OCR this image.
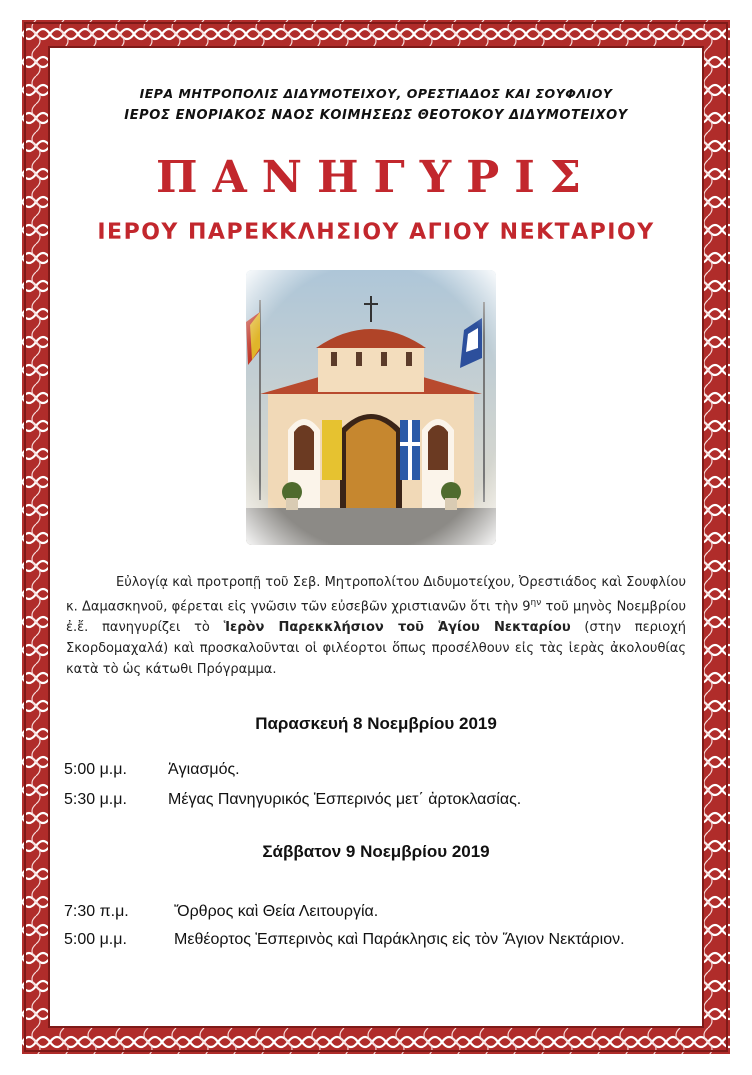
ΙΕΡΑ ΜΗΤΡΟΠΟΛΙΣ ΔΙΔΥΜΟΤΕΙΧΟΥ, ΟΡΕΣΤΙΑΔΟΣ ΚΑΙ ΣΟΥΦΛΙΟΥ
ΙΕΡΟΣ ΕΝΟΡΙΑΚΟΣ ΝΑΟΣ ΚΟΙΜΗΣΕΩΣ ΘΕΟΤΟΚΟΥ ΔΙΔΥΜΟΤΕΙΧΟΥ
ΠΑΝΗΓΥΡΙΣ
ΙΕΡΟΥ ΠΑΡΕΚΚΛΗΣΙΟΥ ΑΓΙΟΥ ΝΕΚΤΑΡΙΟΥ
Εὐλογίᾳ καὶ προτροπῇ τοῦ Σεβ. Μητροπολίτου Διδυμοτείχου, Ὀρεστιάδος καὶ Σουφλίου κ. Δαμασκηνοῦ, φέρεται εἰς γνῶσιν τῶν εὐσεβῶν χριστιανῶν ὅτι τὴν $9^{\eta\nu}$ τοῦ μηνὸς Νοεμβρίου ἐ.ἔ. πανηγυρίζει τὸ Ἱερὸν Παρεκκλήσιον τοῦ Ἁγίου Νεκταρίου (στην περιοχή Σκορδομαχαλά) καὶ προσκαλοῦνται οἱ φιλέορτοι ὅπως προσέλθουν εἰς τὰς ἱερὰς ἀκολουθίας κατὰ τὸ ὡς κάτωθι Πρόγραμμα.
Παρασκευή 8 Νοεμβρίου 2019
5:00 μ.μ.	Ἁγιασμός.
5:30 μ.μ.	Μέγας Πανηγυρικός Ἑσπερινός μετ΄ ἀρτοκλασίας.
Σάββατον 9 Νοεμβρίου 2019
7:30 π.μ.	Ὄρθρος καὶ Θεία Λειτουργία.
5:00 μ.μ.	Μεθέορτος Ἑσπερινὸς καὶ Παράκλησις εἰς τὸν Ἅγιον Νεκτάριον.
